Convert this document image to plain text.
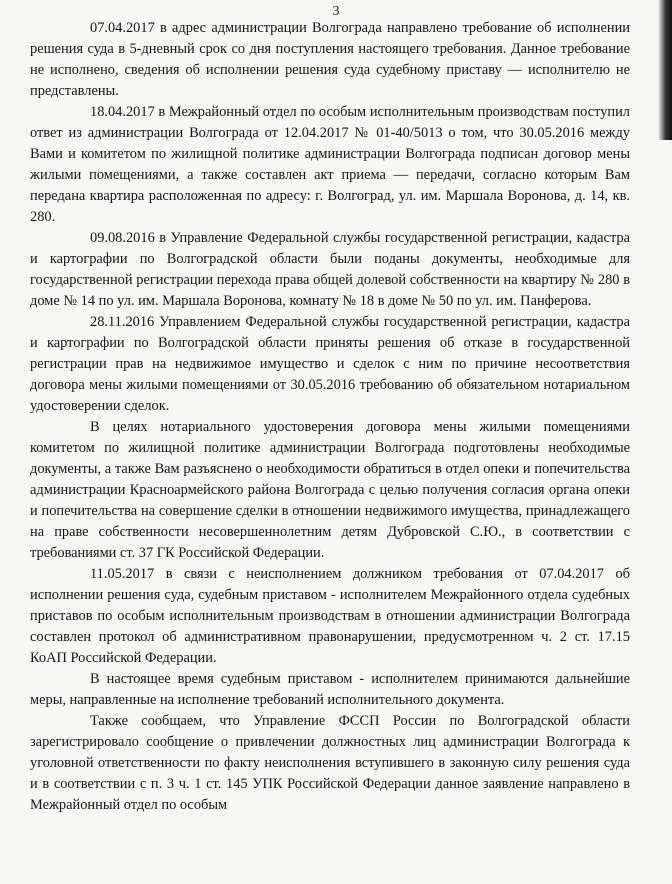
3

07.04.2017 в адрес администрации Волгограда направлено требование об исполнении решения суда в 5-дневный срок со дня поступления настоящего требования. Данное требование не исполнено, сведения об исполнении решения суда судебному приставу — исполнителю не представлены.

18.04.2017 в Межрайонный отдел по особым исполнительным производствам поступил ответ из администрации Волгограда от 12.04.2017 № 01-40/5013 о том, что 30.05.2016 между Вами и комитетом по жилищной политике администрации Волгограда подписан договор мены жилыми помещениями, а также составлен акт приема — передачи, согласно которым Вам передана квартира расположенная по адресу: г. Волгоград, ул. им. Маршала Воронова, д. 14, кв. 280.

09.08.2016 в Управление Федеральной службы государственной регистрации, кадастра и картографии по Волгоградской области были поданы документы, необходимые для государственной регистрации перехода права общей долевой собственности на квартиру № 280 в доме № 14 по ул. им. Маршала Воронова, комнату № 18 в доме № 50 по ул. им. Панферова.

28.11.2016 Управлением Федеральной службы государственной регистрации, кадастра и картографии по Волгоградской области приняты решения об отказе в государственной регистрации прав на недвижимое имущество и сделок с ним по причине несоответствия договора мены жилыми помещениями от 30.05.2016 требованию об обязательном нотариальном удостоверении сделок.

В целях нотариального удостоверения договора мены жилыми помещениями комитетом по жилищной политике администрации Волгограда подготовлены необходимые документы, а также Вам разъяснено о необходимости обратиться в отдел опеки и попечительства администрации Красноармейского района Волгограда с целью получения согласия органа опеки и попечительства на совершение сделки в отношении недвижимого имущества, принадлежащего на праве собственности несовершеннолетним детям Дубровской С.Ю., в соответствии с требованиями ст. 37 ГК Российской Федерации.

11.05.2017 в связи с неисполнением должником требования от 07.04.2017 об исполнении решения суда, судебным приставом - исполнителем Межрайонного отдела судебных приставов по особым исполнительным производствам в отношении администрации Волгограда составлен протокол об административном правонарушении, предусмотренном ч. 2 ст. 17.15 КоАП Российской Федерации.

В настоящее время судебным приставом - исполнителем принимаются дальнейшие меры, направленные на исполнение требований исполнительного документа.

Также сообщаем, что Управление ФССП России по Волгоградской области зарегистрировало сообщение о привлечении должностных лиц администрации Волгограда к уголовной ответственности по факту неисполнения вступившего в законную силу решения суда и в соответствии с п. 3 ч. 1 ст. 145 УПК Российской Федерации данное заявление направлено в Межрайонный отдел по особым
